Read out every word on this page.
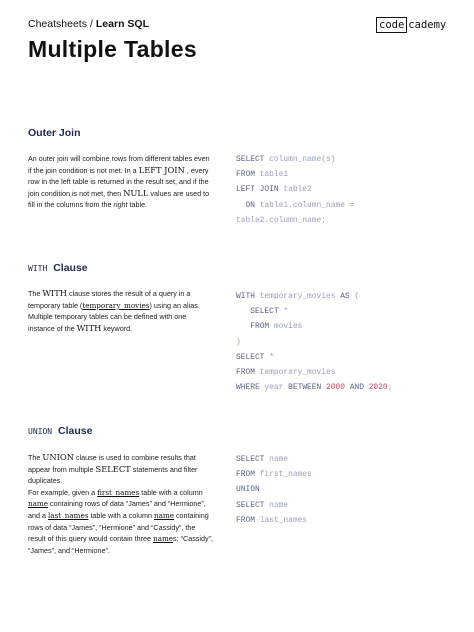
Cheatsheets / Learn SQL	code cademy
Multiple Tables
Outer Join

An outer join will combine rows from different tables even if the join condition is not met. In a LEFT JOIN , every row in the left table is returned in the result set, and if the join condition is not met, then NULL values are used to fill in the columns from the right table.

SELECT column_name(s)
FROM table1
LEFT JOIN table2
ON table1.column_name =
table2.column_name;
WITH Clause

The WITH clause stores the result of a query in a temporary table (temporary_movies) using an alias. Multiple temporary tables can be defined with one instance of the WITH keyword.

WITH temporary_movies AS (
SELECT *
FROM movies
)
SELECT *
FROM temporary_movies
WHERE year BETWEEN 2000 AND 2020;
UNION Clause

The UNION clause is used to combine results that appear from multiple SELECT statements and filter duplicates.

For example, given a first_names table with a column name containing rows of data “James” and “Hermione”, and a last_names table with a column name containing rows of data “James”, “Hermione” and “Cassidy”, the result of this query would contain three names: “Cassidy”, “James”, and “Hermione”.

SELECT name
FROM first_names
UNION
SELECT name
FROM last_names
